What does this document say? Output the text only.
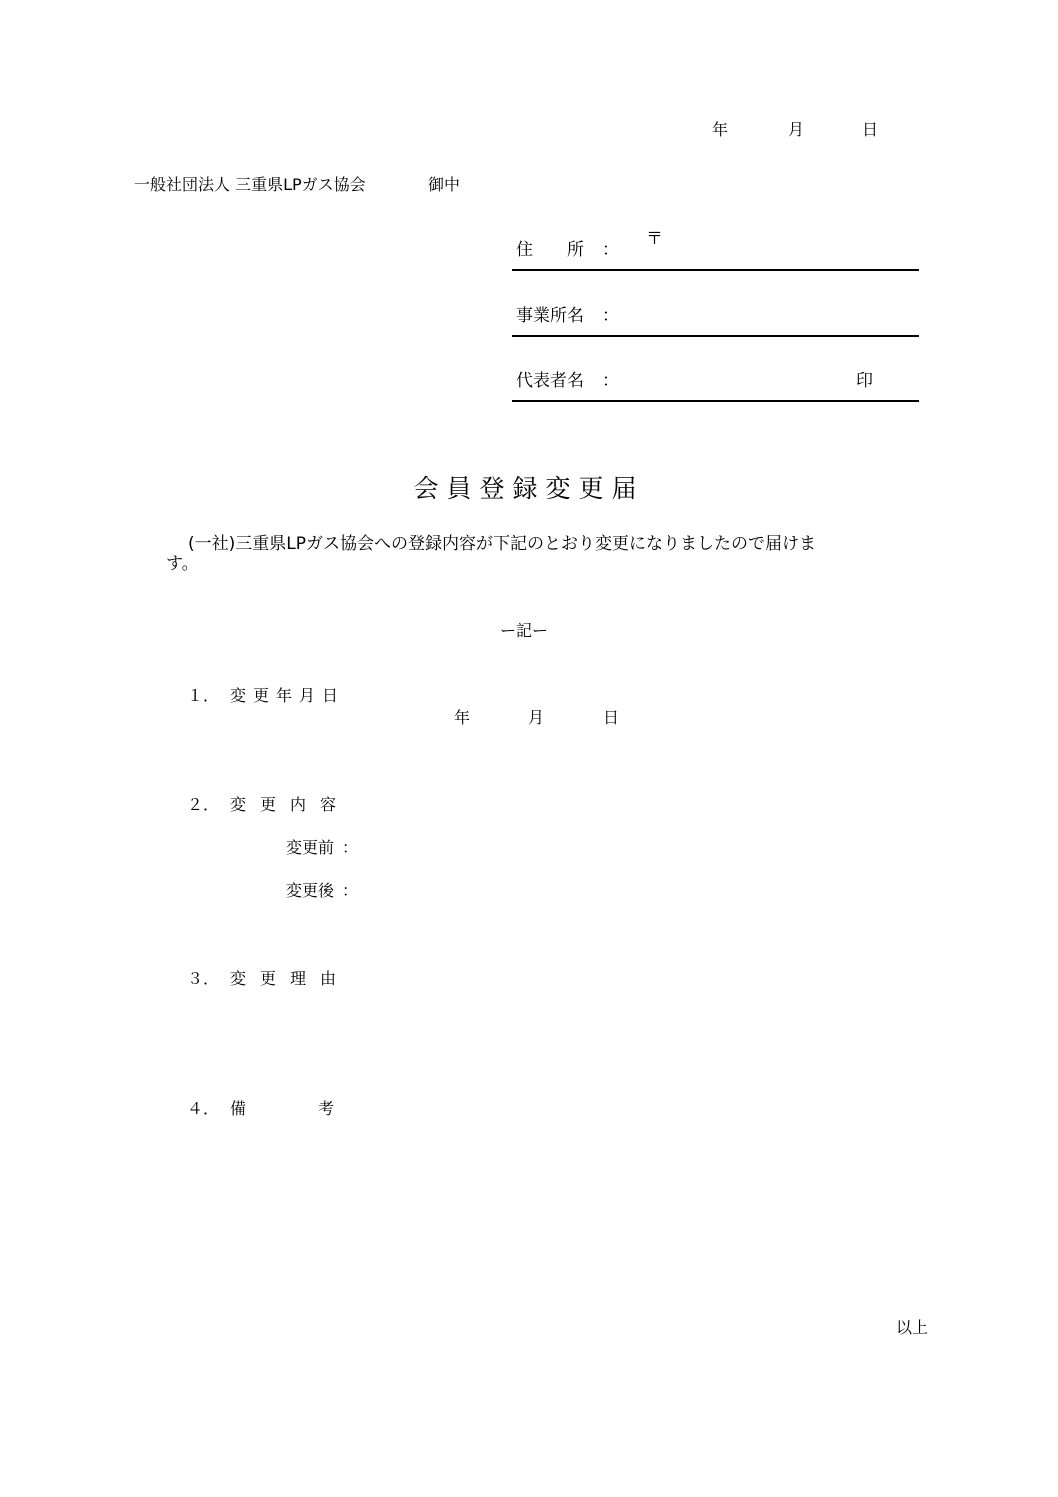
年	月	日
一般社団法人 三重県LPガス協会	御中
住　　所 ：
〒
事業所名 ：
代表者名 ：	印
会員登録変更届
(一社)三重県LPガス協会への登録内容が下記のとおり変更になりましたので届けま
す。
ー記ー
１． 変更年月日
年	月	日
２． 変更内容
変更前 ：
変更後 ：
３． 変更理由
４． 備	考
以上
